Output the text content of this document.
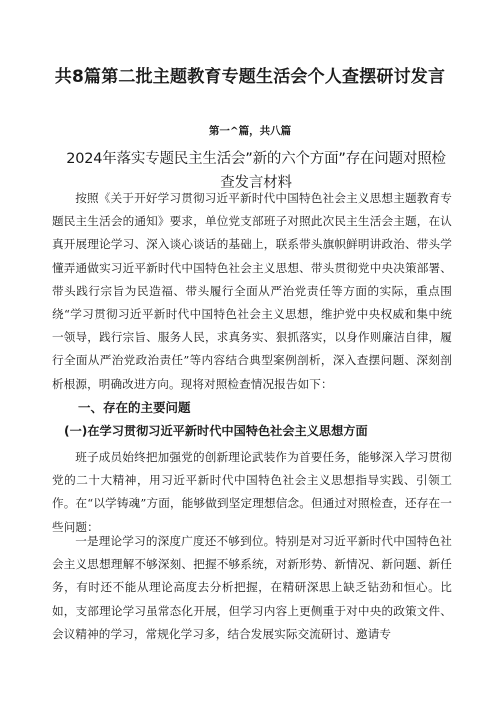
共8篇第二批主题教育专题生活会个人查摆研讨发言
第一^篇，共八篇
2024年落实专题民主生活会”新的六个方面”存在问题对照检查发言材料

按照《关于开好学习贯彻习近平新时代中国特色社会主义思想主题教育专题民主生活会的通知》要求，单位党支部班子对照此次民主生活会主题，在认真开展理论学习、深入谈心谈话的基础上，联系带头旗帜鲜明讲政治、带头学懂弄通做实习近平新时代中国特色社会主义思想、带头贯彻党中央决策部署、带头践行宗旨为民造福、带头履行全面从严治党责任等方面的实际，重点围绕“学习贯彻习近平新时代中国特色社会主义思想，维护党中央权威和集中统一领导，践行宗旨、服务人民，求真务实、狠抓落实，以身作则廉洁自律，履行全面从严治党政治责任”等内容结合典型案例剖析，深入查摆问题、深刻剖析根源，明确改进方向。现将对照检查情况报告如下：

一、存在的主要问题
(一)在学习贯彻习近平新时代中国特色社会主义思想方面

班子成员始终把加强党的创新理论武装作为首要任务，能够深入学习贯彻党的二十大精神，用习近平新时代中国特色社会主义思想指导实践、引领工作。在“以学铸魂”方面，能够做到坚定理想信念。但通过对照检查，还存在一些问题：

一是理论学习的深度广度还不够到位。特别是对习近平新时代中国特色社会主义思想理解不够深刻、把握不够系统，对新形势、新情况、新问题、新任务，有时还不能从理论高度去分析把握，在精研深思上缺乏钻劲和恒心。比如，支部理论学习虽常态化开展，但学习内容上更侧重于对中央的政策文件、会议精神的学习，常规化学习多，结合发展实际交流研讨、邀请专
